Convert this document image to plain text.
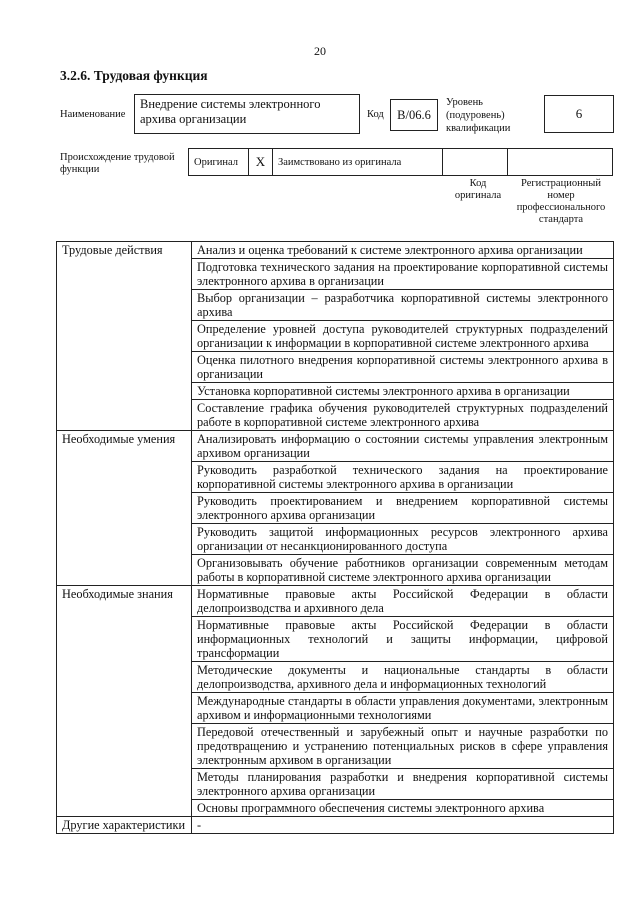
20
3.2.6. Трудовая функция
Наименование
Внедрение системы электронного архива организации	Код	B/06.6
Уровень (подуровень) квалификации
6
Происхождение трудовой функции
Оригинал	X	Заимствовано из оригинала
Код оригинала
Регистрационный номер профессионального стандарта
Трудовые действия	Анализ и оценка требований к системе электронного архива организации
	Подготовка технического задания на проектирование корпоративной системы электронного архива в организации
	Выбор организации – разработчика корпоративной системы электронного архива
	Определение уровней доступа руководителей структурных подразделений организации к информации в корпоративной системе электронного архива
	Оценка пилотного внедрения корпоративной системы электронного архива в организации
	Установка корпоративной системы электронного архива в организации
	Составление графика обучения руководителей структурных подразделений работе в корпоративной системе электронного архива
Необходимые умения	Анализировать информацию о состоянии системы управления электронным архивом организации
	Руководить разработкой технического задания на проектирование корпоративной системы электронного архива в организации
	Руководить проектированием и внедрением корпоративной системы электронного архива организации
	Руководить защитой информационных ресурсов электронного архива организации от несанкционированного доступа
	Организовывать обучение работников организации современным методам работы в корпоративной системе электронного архива организации
Необходимые знания	Нормативные правовые акты Российской Федерации в области делопроизводства и архивного дела
	Нормативные правовые акты Российской Федерации в области информационных технологий и защиты информации, цифровой трансформации
	Методические документы и национальные стандарты в области делопроизводства, архивного дела и информационных технологий
	Международные стандарты в области управления документами, электронным архивом и информационными технологиями
	Передовой отечественный и зарубежный опыт и научные разработки по предотвращению и устранению потенциальных рисков в сфере управления электронным архивом в организации
	Методы планирования разработки и внедрения корпоративной системы электронного архива организации
	Основы программного обеспечения системы электронного архива
Другие характеристики	-
